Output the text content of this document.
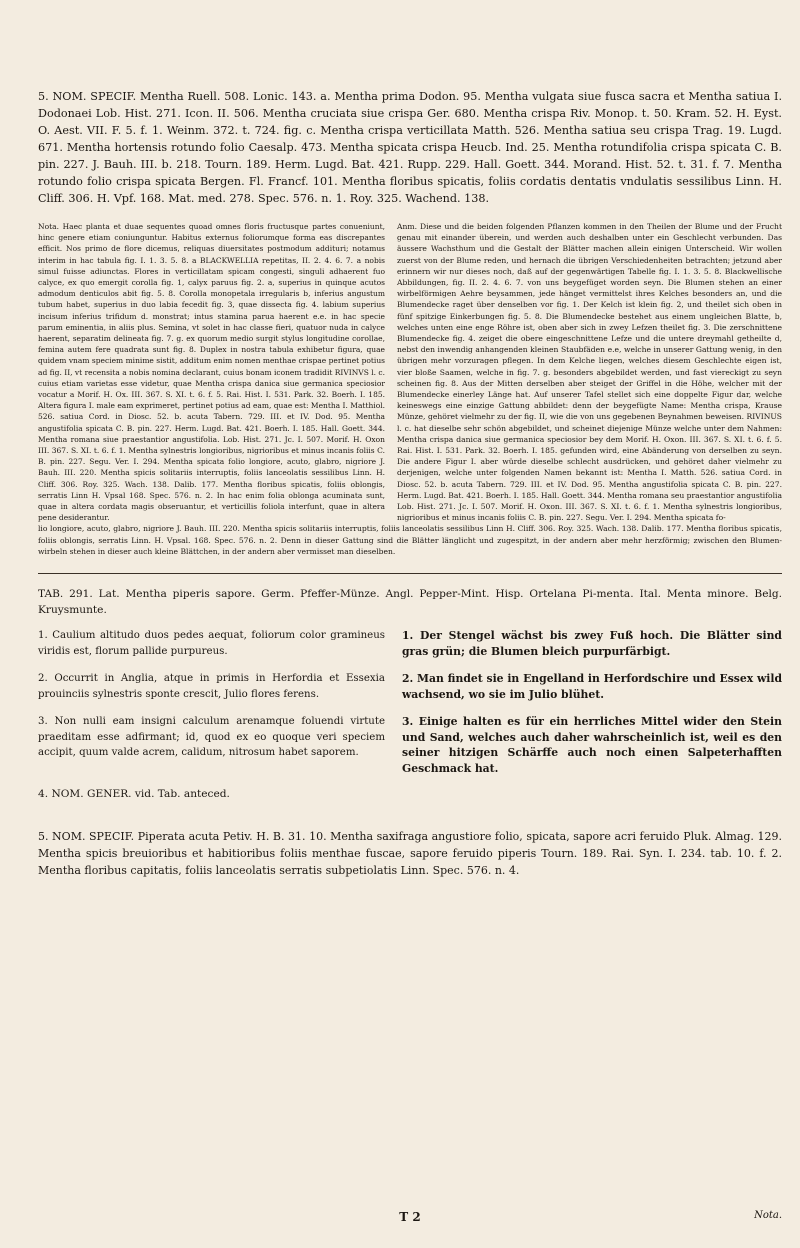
5. NOM. SPECIF. Mentha Ruell. 508. Lonic. 143. a. Mentha prima Dodon. 95. Mentha vulgata siue fusca sacra et Mentha satiua I. Dodonaei Lob. Hist. 271. Icon. II. 506. Mentha cruciata siue crispa Ger. 680. Mentha crispa Riv. Monop. t. 50. Kram. 52. H. Eyst. O. Aest. VII. F. 5. f. 1. Weinm. 372. t. 724. fig. c. Mentha crispa verticillata Matth. 526. Mentha satiua seu crispa Trag. 19. Lugd. 671. Mentha hortensis rotundo folio Caesalp. 473. Mentha spicata crispa Heucb. Ind. 25. Mentha rotundifolia crispa spicata C. B. pin. 227. J. Bauh. III. b. 218. Tourn. 189. Herm. Lugd. Bat. 421. Rupp. 229. Hall. Goett. 344. Morand. Hist. 52. t. 31. f. 7. Mentha rotundo folio crispa spicata Bergen. Fl. Francf. 101. Mentha floribus spicatis, foliis cordatis dentatis vndulatis sessilibus Linn. H. Cliff. 306. H. Vpf. 168. Mat. med. 278. Spec. 576. n. 1. Roy. 325. Wachend. 138.

Nota. Haec planta et duae sequentes quoad omnes floris fructusque partes conueniunt, hinc genere etiam coniunguntur. Habitus externus foliorumque forma eas discrepantes efficit. Nos primo de flore dicemus, reliquas diuersitates postmodum addituri; notamus interim in hac tabula fig. I. 1. 3. 5. 8. a BLACKWELLIA repetitas, II. 2. 4. 6. 7. a nobis simul fuisse adiunctas. Flores in verticillatam spicam congesti, singuli adhaerent fuo calyce, ex quo emergit corolla fig. 1, calyx paruus fig. 2. a, superius in quinque acutos admodum denticulos abit fig. 5. 8. Corolla monopetala irregularis b, inferius angustum tubum habet, superius in duo labia fecedit fig. 3, quae dissecta fig. 4. labium superius incisum inferius trifidum d. monstrat; intus stamina parua haerent e.e. in hac specie parum eminentia, in aliis plus. Semina, vt solet in hac classe fieri, quatuor nuda in calyce haerent, separatim delineata fig. 7. g. ex quorum medio surgit stylus longitudine corollae, femina autem fere quadrata sunt fig. 8. Duplex in nostra tabula exhibetur figura, quae quidem vnam speciem minime sistit, additum enim nomen menthae crispae pertinet potius ad fig. II, vt recensita a nobis nomina declarant, cuius bonam iconem tradidit RIVINVS l. c. cuius etiam varietas esse videtur, quae Mentha crispa danica siue germanica speciosior vocatur a Morif. H. Ox. III. 367. S. XI. t. 6. f. 5. Rai. Hist. I. 531. Park. 32. Boerh. I. 185. Altera figura I. male eam exprimeret, pertinet potius ad eam, quae est: Mentha I. Matthiol. 526. satiua Cord. in Diosc. 52. b. acuta Tabern. 729. III. et IV. Dod. 95. Mentha angustifolia spicata C. B. pin. 227. Herm. Lugd. Bat. 421. Boerh. I. 185. Hall. Goett. 344. Mentha romana siue praestantior angustifolia. Lob. Hist. 271. Jc. I. 507. Morif. H. Oxon III. 367. S. XI. t. 6. f. 1. Mentha sylnestris longioribus, nigrioribus et minus incanis foliis C. B. pin. 227. Segu. Ver. I. 294. Mentha spicata folio longiore, acuto, glabro, nigriore J. Bauh. III. 220. Mentha spicis solitariis interruptis, foliis lanceolatis sessilibus Linn. H. Cliff. 306. Roy. 325. Wach. 138. Dalib. 177. Mentha floribus spicatis, foliis oblongis, serratis Linn H. Vpsal 168. Spec. 576. n. 2. In hac enim folia oblonga acuminata sunt, quae in altera cordata magis obseruantur, et verticillis foliola interfunt, quae in altera pene desiderantur.
Anm. Diese und die beiden folgenden Pflanzen kommen in den Theilen der Blume und der Frucht genau mit einander überein, und werden auch deshalben unter ein Geschlecht verbunden. Das äussere Wachsthum und die Gestalt der Blätter machen allein einigen Unterscheid. Wir wollen zuerst von der Blume reden, und hernach die übrigen Verschiedenheiten betrachten; jetzund aber erinnern wir nur dieses noch, daß auf der gegenwärtigen Tabelle fig. I. 1. 3. 5. 8. Blackwellische Abbildungen, fig. II. 2. 4. 6. 7. von uns beygefüget worden seyn. Die Blumen stehen an einer wirbelförmigen Aehre beysammen, jede hänget vermittelst ihres Kelches besonders an, und die Blumendecke raget über denselben vor fig. 1. Der Kelch ist klein fig. 2, und theilet sich oben in fünf spitzige Einkerbungen fig. 5. 8. Die Blumendecke bestehet aus einem ungleichen Blatte, b, welches unten eine enge Röhre ist, oben aber sich in zwey Lefzen theilet fig. 3. Die zerschnittene Blumendecke fig. 4. zeiget die obere eingeschnittene Lefze und die untere dreymahl getheilte d, nebst den inwendig anhangenden kleinen Staubfäden e.e, welche in unserer Gattung wenig, in den übrigen mehr vorzuragen pflegen. In dem Kelche liegen, welches diesem Geschlechte eigen ist, vier bloße Saamen, welche in fig. 7. g. besonders abgebildet werden, und fast viereckigt zu seyn scheinen fig. 8. Aus der Mitten derselben aber steiget der Griffel in die Höhe, welcher mit der Blumendecke einerley Länge hat. Auf unserer Tafel stellet sich eine doppelte Figur dar, welche keineswegs eine einzige Gattung abbildet: denn der beygefügte Name: Mentha crispa, Krause Münze, gehöret vielmehr zu der fig. II, wie die von uns gegebenen Beynahmen beweisen. RIVINUS l. c. hat dieselbe sehr schön abgebildet, und scheinet diejenige Münze welche unter dem Nahmen: Mentha crispa danica siue germanica speciosior bey dem Morif. H. Oxon. III. 367. S. XI. t. 6. f. 5. Rai. Hist. I. 531. Park. 32. Boerh. I. 185. gefunden wird, eine Abänderung von derselben zu seyn. Die andere Figur I. aber würde dieselbe schlecht ausdrücken, und gehöret daher vielmehr zu derjenigen, welche unter folgenden Namen bekannt ist: Mentha I. Matth. 526. satiua Cord. in Diosc. 52. b. acuta Tabern. 729. III. et IV. Dod. 95. Mentha angustifolia spicata C. B. pin. 227. Herm. Lugd. Bat. 421. Boerh. I. 185. Hall. Goett. 344. Mentha romana seu praestantior angustifolia Lob. Hist. 271. Jc. I. 507. Morif. H. Oxon. III. 367. S. XI. t. 6. f. 1. Mentha sylnestris longioribus, nigrioribus et minus incanis foliis C. B. pin. 227. Segu. Ver. I. 294. Mentha spicata fo-

lio longiore, acuto, glabro, nigriore J. Bauh. III. 220. Mentha spicis solitariis interruptis, foliis lanceolatis sessilibus Linn H. Cliff. 306. Roy. 325. Wach. 138. Dalib. 177. Mentha floribus spicatis, foliis oblongis, serratis Linn. H. Vpsal. 168. Spec. 576. n. 2. Denn in dieser Gattung sind die Blätter länglicht und zugespitzt, in der andern aber mehr herzförmig; zwischen den Blumen-wirbeln stehen in dieser auch kleine Blättchen, in der andern aber vermisset man dieselben.

TAB. 291. Lat. Mentha piperis sapore. Germ. Pfeffer-Münze. Angl. Pepper-Mint. Hisp. Ortelana Pi-menta. Ital. Menta minore. Belg. Kruysmunte.

1. Caulium altitudo duos pedes aequat, foliorum color gramineus viridis est, florum pallide purpureus.

2. Occurrit in Anglia, atque in primis in Herfordia et Essexia prouinciis sylnestris sponte crescit, Julio flores ferens.

3. Non nulli eam insigni calculum arenamque foluendi virtute praeditam esse adfirmant; id, quod ex eo quoque veri speciem accipit, quum valde acrem, calidum, nitrosum habet saporem.

1. Der Stengel wächst bis zwey Fuß hoch. Die Blätter sind gras grün; die Blumen bleich purpurfärbigt.

2. Man findet sie in Engelland in Herfordschire und Essex wild wachsend, wo sie im Julio blühet.

3. Einige halten es für ein herrliches Mittel wider den Stein und Sand, welches auch daher wahrscheinlich ist, weil es den seiner hitzigen Schärffe auch noch einen Salpeterhafften Geschmack hat.

4. NOM. GENER. vid. Tab. anteced.

5. NOM. SPECIF. Piperata acuta Petiv. H. B. 31. 10. Mentha saxifraga angustiore folio, spicata, sapore acri feruido Pluk. Almag. 129. Mentha spicis breuioribus et habitioribus foliis menthae fuscae, sapore feruido piperis Tourn. 189. Rai. Syn. I. 234. tab. 10. f. 2. Mentha floribus capitatis, foliis lanceolatis serratis subpetiolatis Linn. Spec. 576. n. 4.

T 2	Nota.
